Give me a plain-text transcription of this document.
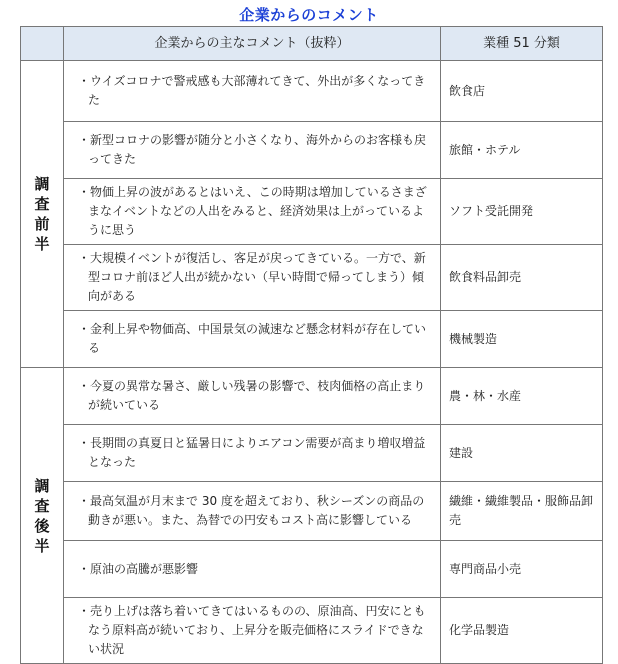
企業からのコメント
	企業からの主なコメント（抜粋）	業種 51 分類
調査前半	・ウイズコロナで警戒感も大部薄れてきて、外出が多くなってきた	飲食店

	・新型コロナの影響が随分と小さくなり、海外からのお客様も戻ってきた	旅館・ホテル

	・物価上昇の波があるとはいえ、この時期は増加しているさまざまなイベントなどの人出をみると、経済効果は上がっているように思う	ソフト受託開発

	・大規模イベントが復活し、客足が戻ってきている。一方で、新型コロナ前ほど人出が続かない（早い時間で帰ってしまう）傾向がある	飲食料品卸売

	・金利上昇や物価高、中国景気の減速など懸念材料が存在している	機械製造
調査後半	・今夏の異常な暑さ、厳しい残暑の影響で、枝肉価格の高止まりが続いている	農・林・水産

	・長期間の真夏日と猛暑日によりエアコン需要が高まり増収増益となった	建設

	・最高気温が月末まで 30 度を超えており、秋シーズンの商品の動きが悪い。また、為替での円安もコスト高に影響している	繊維・繊維製品・服飾品卸売

	・原油の高騰が悪影響	専門商品小売

	・売り上げは落ち着いてきてはいるものの、原油高、円安にともなう原料高が続いており、上昇分を販売価格にスライドできない状況	化学品製造
